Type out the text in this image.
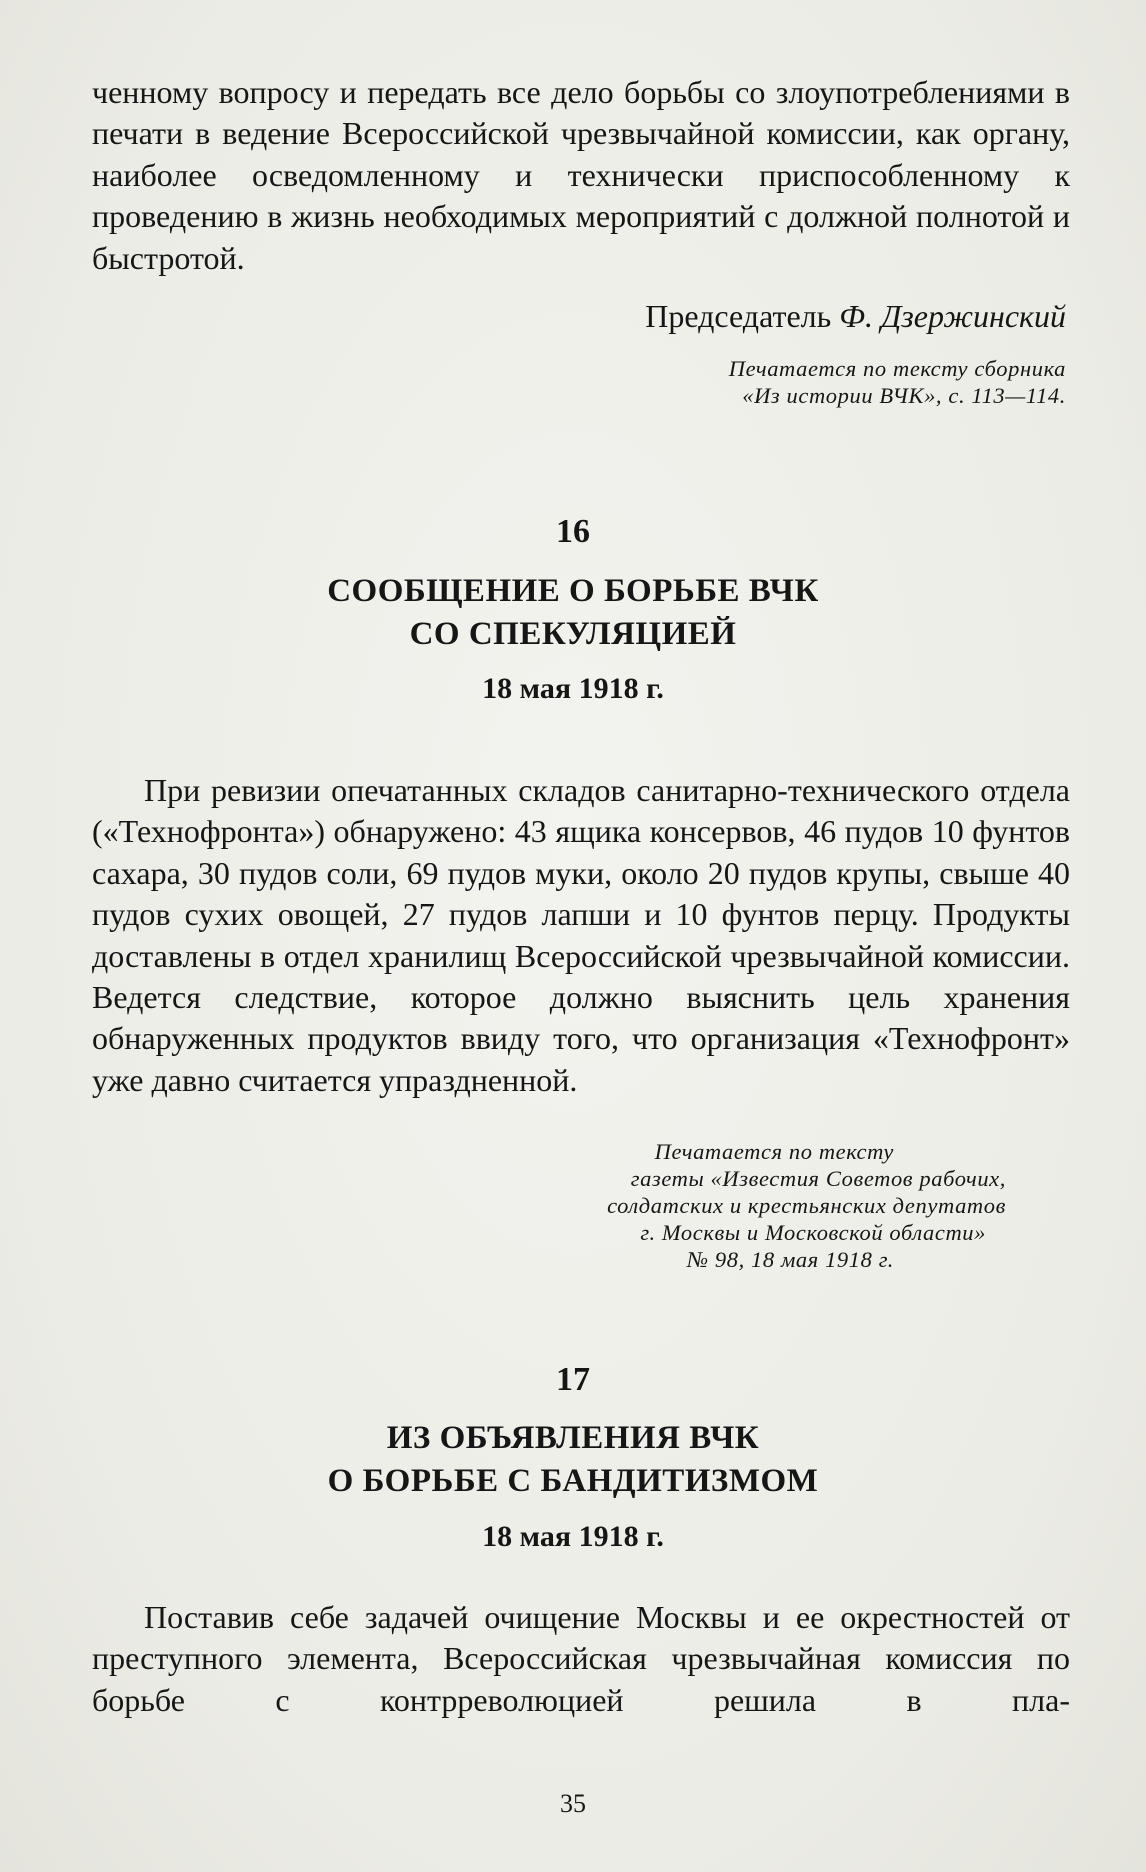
ченному вопросу и передать все дело борьбы со злоупотреблениями в печати в ведение Всероссийской чрезвычайной комиссии, как органу, наиболее осведомленному и технически приспособленному к проведению в жизнь необходимых мероприятий с должной полнотой и быстротой.

Председатель Ф. Дзержинский
Печатается по тексту сборника
«Из истории ВЧК», с. 113—114.
16
СООБЩЕНИЕ О БОРЬБЕ ВЧК
СО СПЕКУЛЯЦИЕЙ
18 мая 1918 г.

При ревизии опечатанных складов санитарно-технического отдела («Технофронта») обнаружено: 43 ящика консервов, 46 пудов 10 фунтов сахара, 30 пудов соли, 69 пудов муки, около 20 пудов крупы, свыше 40 пудов сухих овощей, 27 пудов лапши и 10 фунтов перцу. Продукты доставлены в отдел хранилищ Всероссийской чрезвычайной комиссии. Ведется следствие, которое должно выяснить цель хранения обнаруженных продуктов ввиду того, что организация «Технофронт» уже давно считается упраздненной.

Печатается по тексту
газеты «Известия Советов рабочих,
солдатских и крестьянских депутатов
г. Москвы и Московской области»
№ 98, 18 мая 1918 г.
17
ИЗ ОБЪЯВЛЕНИЯ ВЧК
О БОРЬБЕ С БАНДИТИЗМОМ
18 мая 1918 г.

Поставив себе задачей очищение Москвы и ее окрестностей от преступного элемента, Всероссийская чрезвычайная комиссия по борьбе с контрреволюцией решила в пла-

35
